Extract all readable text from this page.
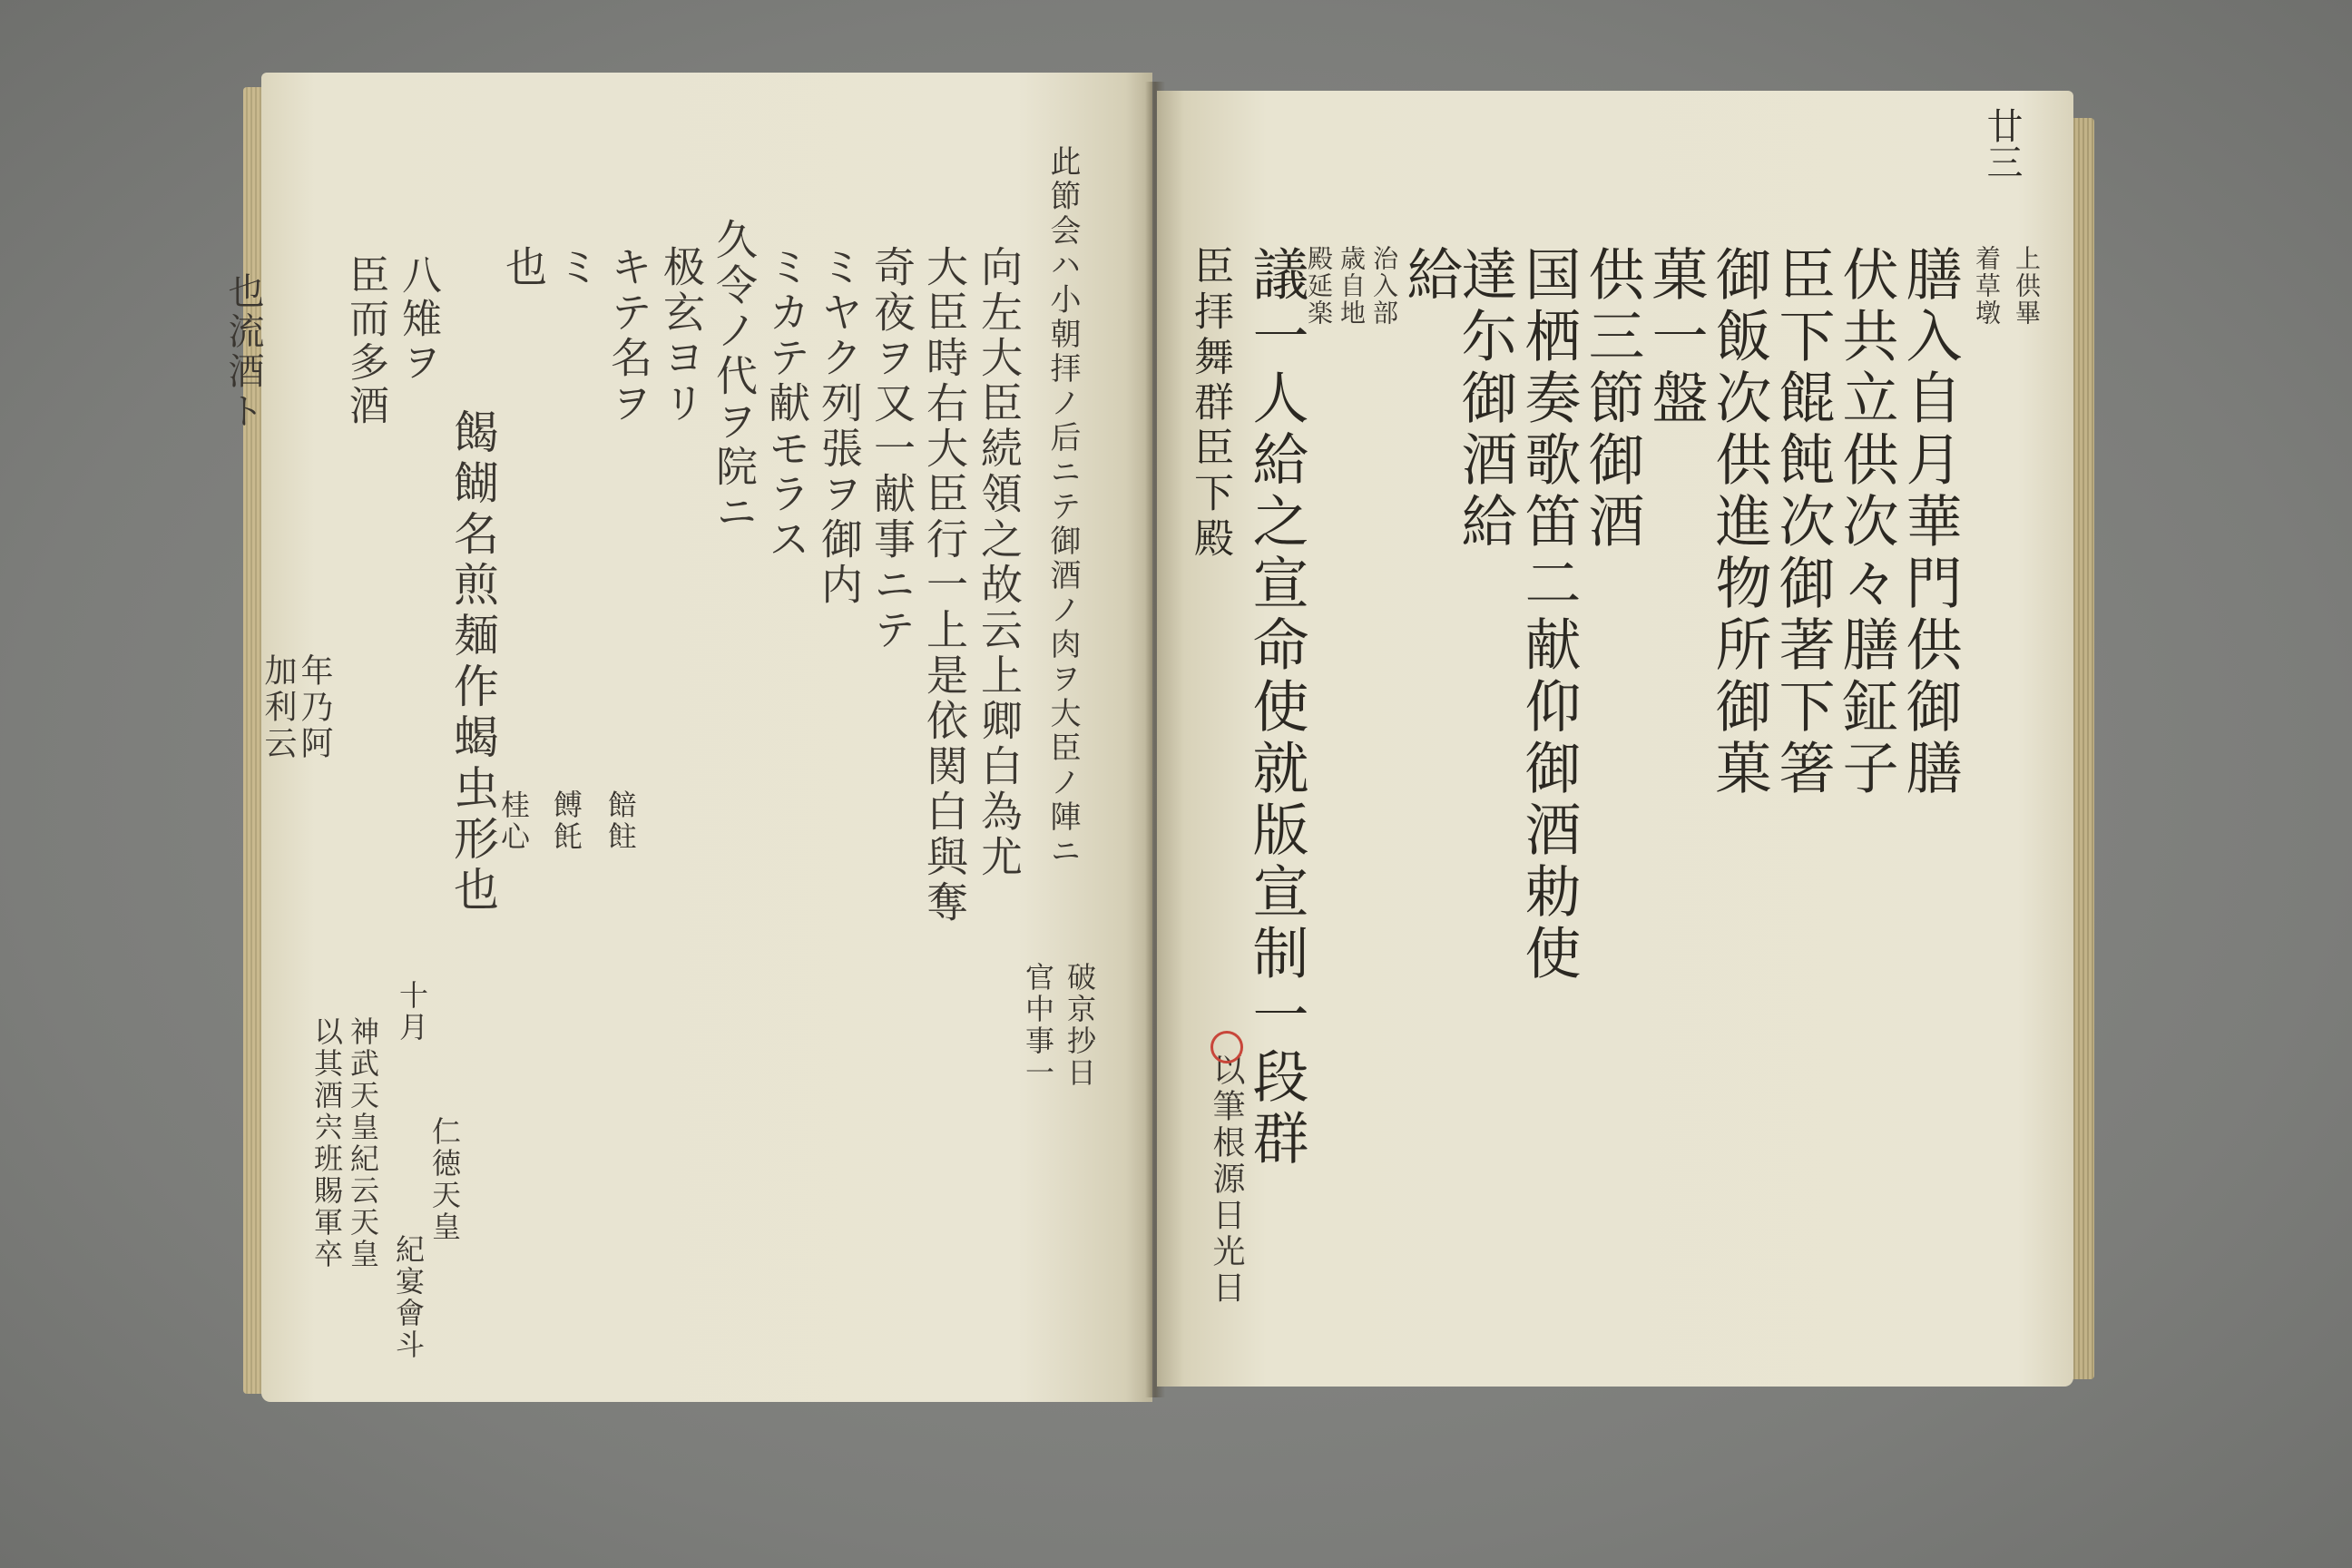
此節会ハ小朝拝ノ后ニテ御酒ノ肉ヲ大臣ノ陣ニ
破京抄日
官中事一
向左大臣続領之故云上卿白為尤
大臣時右大臣行一上是依関白與奪
奇夜ヲ又一献事ニテ
ミヤク列張ヲ御内
ミカテ献モラス
久令ノ代ヲ院ニ
极玄ヨリ
キテ名ヲ
ミ
也
餲餬名煎麺作蝎虫形也
桂心 餺飥 餢飳
八雉ヲ
臣而多酒
年乃阿
加利云
也流酒ト
神武天皇紀云天皇
以其酒宍班賜軍卒
十月
仁徳天皇
紀宴會斗
膳入自月華門供御膳 上供畢
着草墩
伏共立供次々膳鉦子
臣下餛飩次御著下箸
御飯次供進物所御菓
菓一盤
供三節御酒
国栖奏歌笛二献仰御酒勅使
達尓御酒給
給
治入部
歳自地
殿延楽
議一人給之宣命使就版宣制一段群
臣拝舞群臣下殿
以筆根源日光日
廿三
